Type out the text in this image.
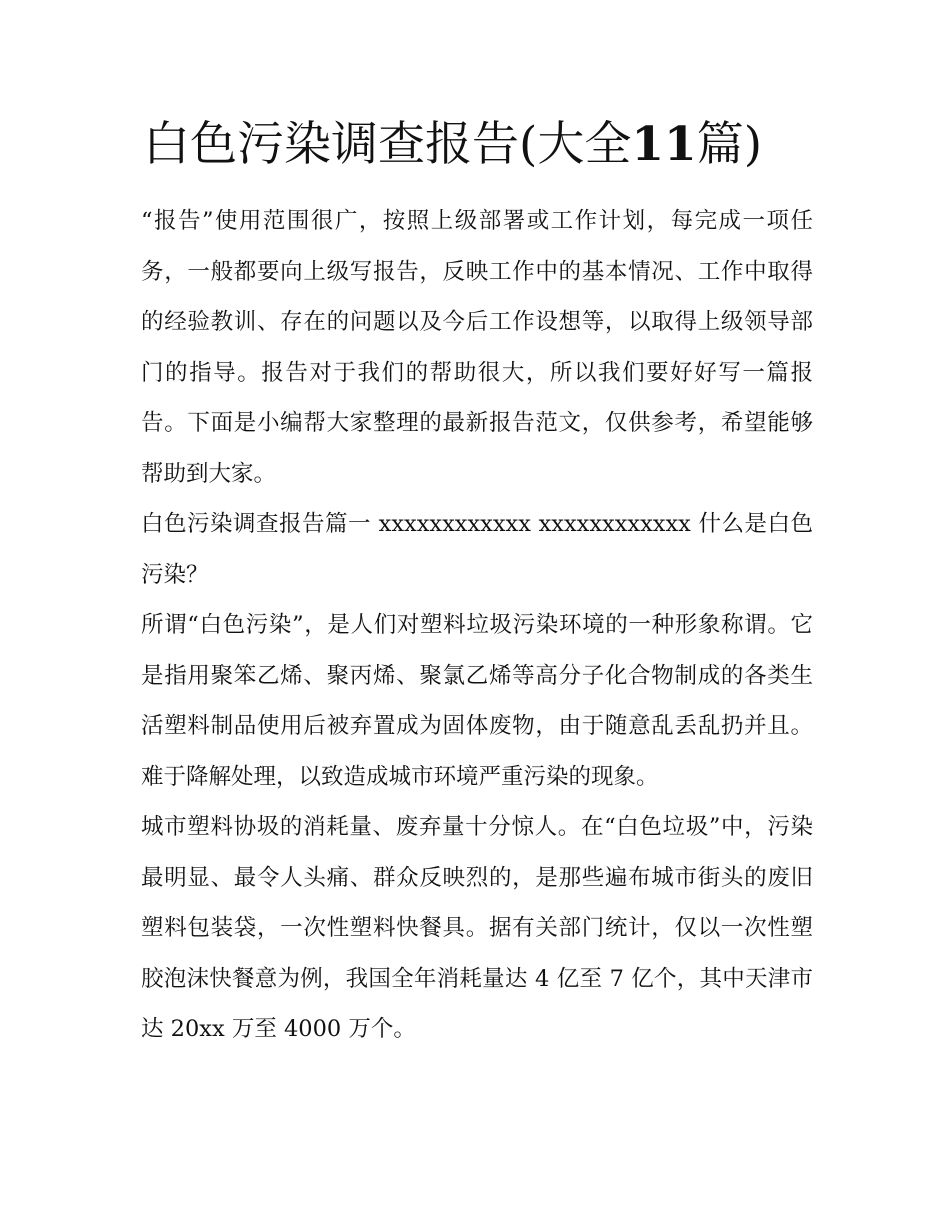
白色污染调查报告(大全11篇)

“报告”使用范围很广，按照上级部署或工作计划，每完成一项任务，一般都要向上级写报告，反映工作中的基本情况、工作中取得的经验教训、存在的问题以及今后工作设想等，以取得上级领导部门的指导。报告对于我们的帮助很大，所以我们要好好写一篇报告。下面是小编帮大家整理的最新报告范文，仅供参考，希望能够帮助到大家。

白色污染调查报告篇一 xxxxxxxxxxxx xxxxxxxxxxxx 什么是白色污染？

所谓“白色污染”，是人们对塑料垃圾污染环境的一种形象称谓。它是指用聚笨乙烯、聚丙烯、聚氯乙烯等高分子化合物制成的各类生活塑料制品使用后被弃置成为固体废物，由于随意乱丢乱扔并且。难于降解处理，以致造成城市环境严重污染的现象。

城市塑料协圾的消耗量、废弃量十分惊人。在“白色垃圾”中，污染最明显、最令人头痛、群众反映烈的，是那些遍布城市街头的废旧塑料包装袋，一次性塑料快餐具。据有关部门统计，仅以一次性塑胶泡沫快餐意为例，我国全年消耗量达 4 亿至 7 亿个，其中天津市达 20xx 万至 4000 万个。
